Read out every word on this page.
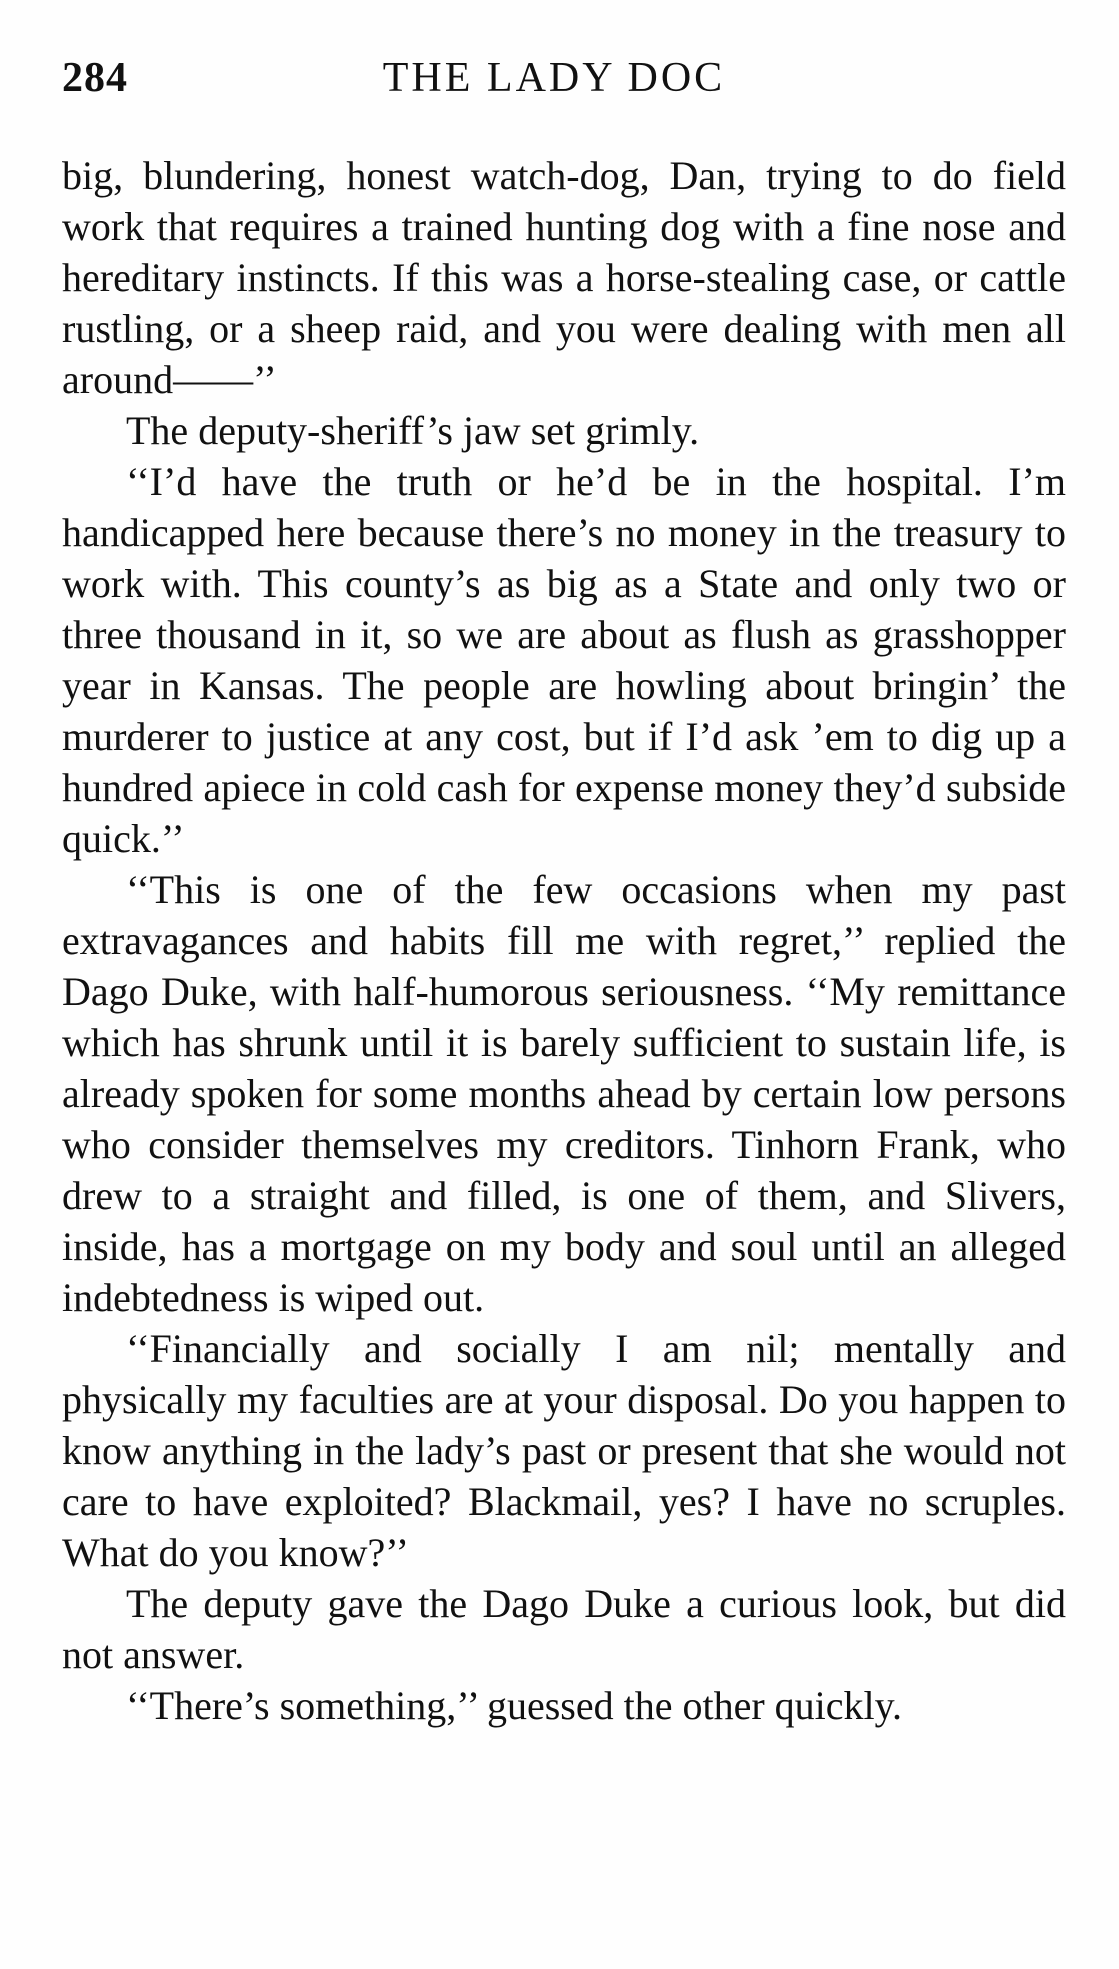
284	THE LADY DOC

big, blundering, honest watch-dog, Dan, trying to do field work that requires a trained hunting dog with a fine nose and hereditary instincts. If this was a horse-stealing case, or cattle rustling, or a sheep raid, and you were dealing with men all around——’’

The deputy-sheriff’s jaw set grimly.

‘‘I’d have the truth or he’d be in the hospital. I’m handicapped here because there’s no money in the treasury to work with. This county’s as big as a State and only two or three thousand in it, so we are about as flush as grasshopper year in Kansas. The people are howling about bringin’ the murderer to justice at any cost, but if I’d ask ’em to dig up a hundred apiece in cold cash for expense money they’d subside quick.’’

‘‘This is one of the few occasions when my past extravagances and habits fill me with regret,’’ replied the Dago Duke, with half-humorous seriousness. ‘‘My remittance which has shrunk until it is barely sufficient to sustain life, is already spoken for some months ahead by certain low persons who consider themselves my creditors. Tinhorn Frank, who drew to a straight and filled, is one of them, and Slivers, inside, has a mortgage on my body and soul until an alleged indebtedness is wiped out.

‘‘Financially and socially I am nil; mentally and physically my faculties are at your disposal. Do you happen to know anything in the lady’s past or present that she would not care to have exploited? Blackmail, yes? I have no scruples. What do you know?’’

The deputy gave the Dago Duke a curious look, but did not answer.

‘‘There’s something,’’ guessed the other quickly.
